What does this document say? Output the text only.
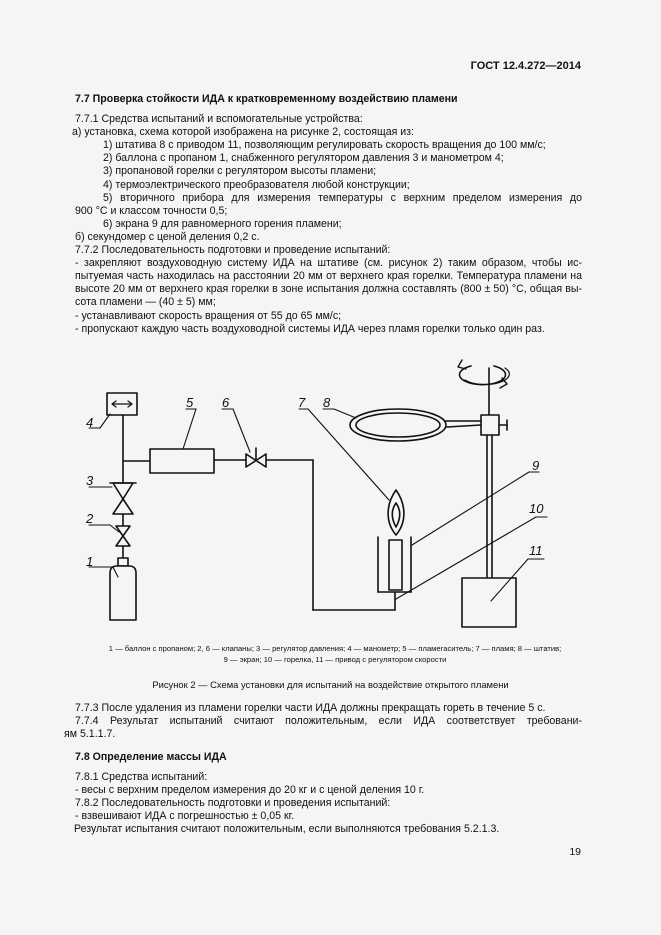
ГОСТ 12.4.272—2014
7.7 Проверка стойкости ИДА к кратковременному воздействию пламени
7.7.1 Средства испытаний и вспомогательные устройства:
а) установка, схема которой изображена на рисунке 2, состоящая из:
1) штатива 8 с приводом 11, позволяющим регулировать скорость вращения до 100 мм/с;
2) баллона с пропаном 1, снабженного регулятором давления 3 и манометром 4;
3) пропановой горелки с регулятором высоты пламени;
4) термоэлектрического преобразователя любой конструкции;
5) вторичного прибора для измерения температуры с верхним пределом измерения до
900 °С и классом точности 0,5;
6) экрана 9 для равномерного горения пламени;
б) секундомер с ценой деления 0,2 с.
7.7.2 Последовательность подготовки и проведение испытаний:
- закрепляют воздуховодную систему ИДА на штативе (см. рисунок 2) таким образом, чтобы ис-
пытуемая часть находилась на расстоянии 20 мм от верхнего края горелки. Температура пламени на
высоте 20 мм от верхнего края горелки в зоне испытания должна составлять (800 ± 50) °С, общая вы-
сота пламени — (40 ± 5) мм;
- устанавливают скорость вращения от 55 до 65 мм/с;
- пропускают каждую часть воздуховодной системы ИДА через пламя горелки только один раз.
1
2
3
4
5 6	7 8
9
10
11
1 — баллон с пропаном; 2, 6 — клапаны; 3 — регулятор давления; 4 — манометр; 5 — пламегаситель; 7 — пламя; 8 — штатив;
9 — экран; 10 — горелка, 11 — привод с регулятором скорости
Рисунок 2 — Схема установки для испытаний на воздействие открытого пламени
7.7.3 После удаления из пламени горелки части ИДА должны прекращать гореть в течение 5 с.
7.7.4 Результат испытаний считают положительным, если ИДА соответствует требовани-
ям 5.1.1.7.
7.8 Определение массы ИДА
7.8.1 Средства испытаний:
- весы с верхним пределом измерения до 20 кг и с ценой деления 10 г.
7.8.2 Последовательность подготовки и проведения испытаний:
- взвешивают ИДА с погрешностью ± 0,05 кг.
Результат испытания считают положительным, если выполняются требования 5.2.1.3.
19
